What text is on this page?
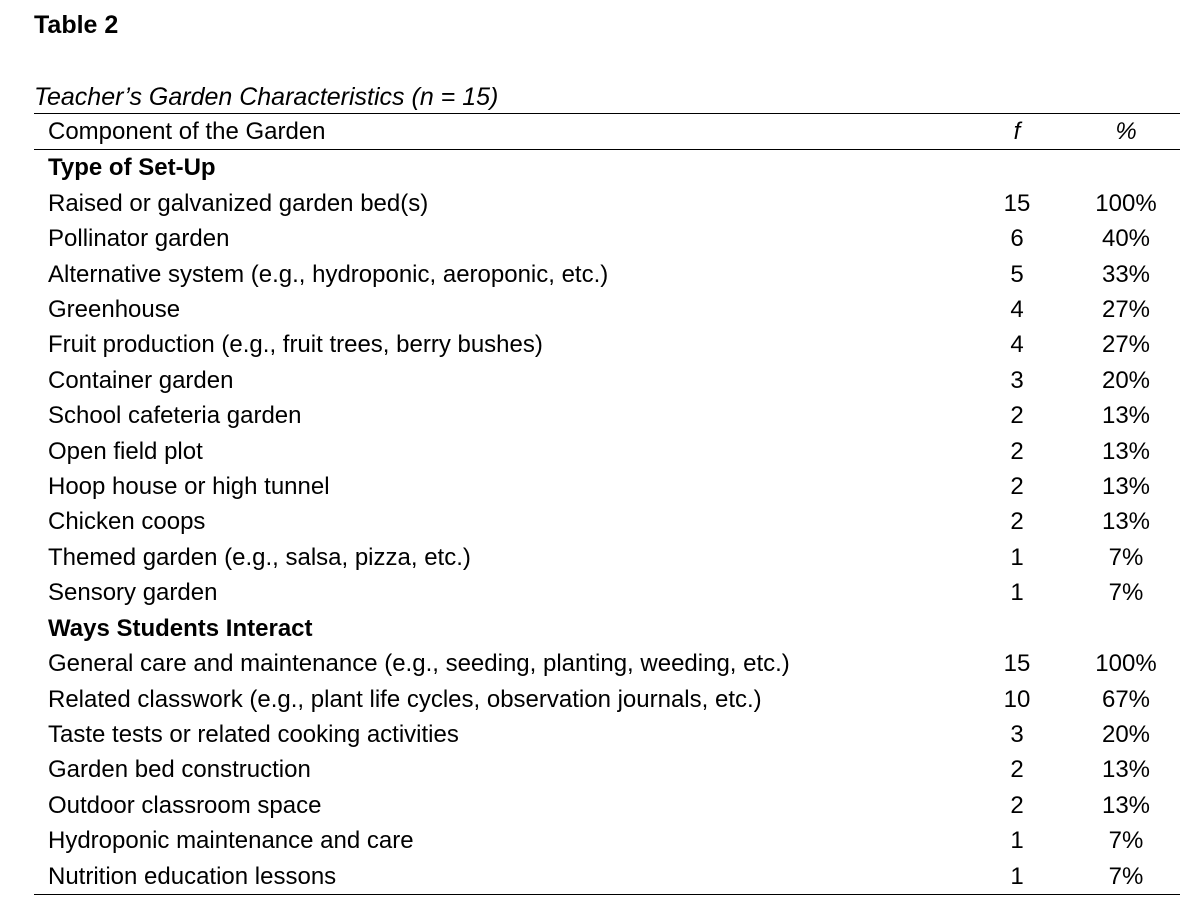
Table 2

Teacher’s Garden Characteristics (n = 15)

Component of the Garden	f	%
Type of Set-Up		
Raised or galvanized garden bed(s)	15	100%
Pollinator garden	6	40%
Alternative system (e.g., hydroponic, aeroponic, etc.)	5	33%
Greenhouse	4	27%
Fruit production (e.g., fruit trees, berry bushes)	4	27%
Container garden	3	20%
School cafeteria garden	2	13%
Open field plot	2	13%
Hoop house or high tunnel	2	13%
Chicken coops	2	13%
Themed garden (e.g., salsa, pizza, etc.)	1	7%
Sensory garden	1	7%
Ways Students Interact		
General care and maintenance (e.g., seeding, planting, weeding, etc.)	15	100%
Related classwork (e.g., plant life cycles, observation journals, etc.)	10	67%
Taste tests or related cooking activities	3	20%
Garden bed construction	2	13%
Outdoor classroom space	2	13%
Hydroponic maintenance and care	1	7%
Nutrition education lessons	1	7%
